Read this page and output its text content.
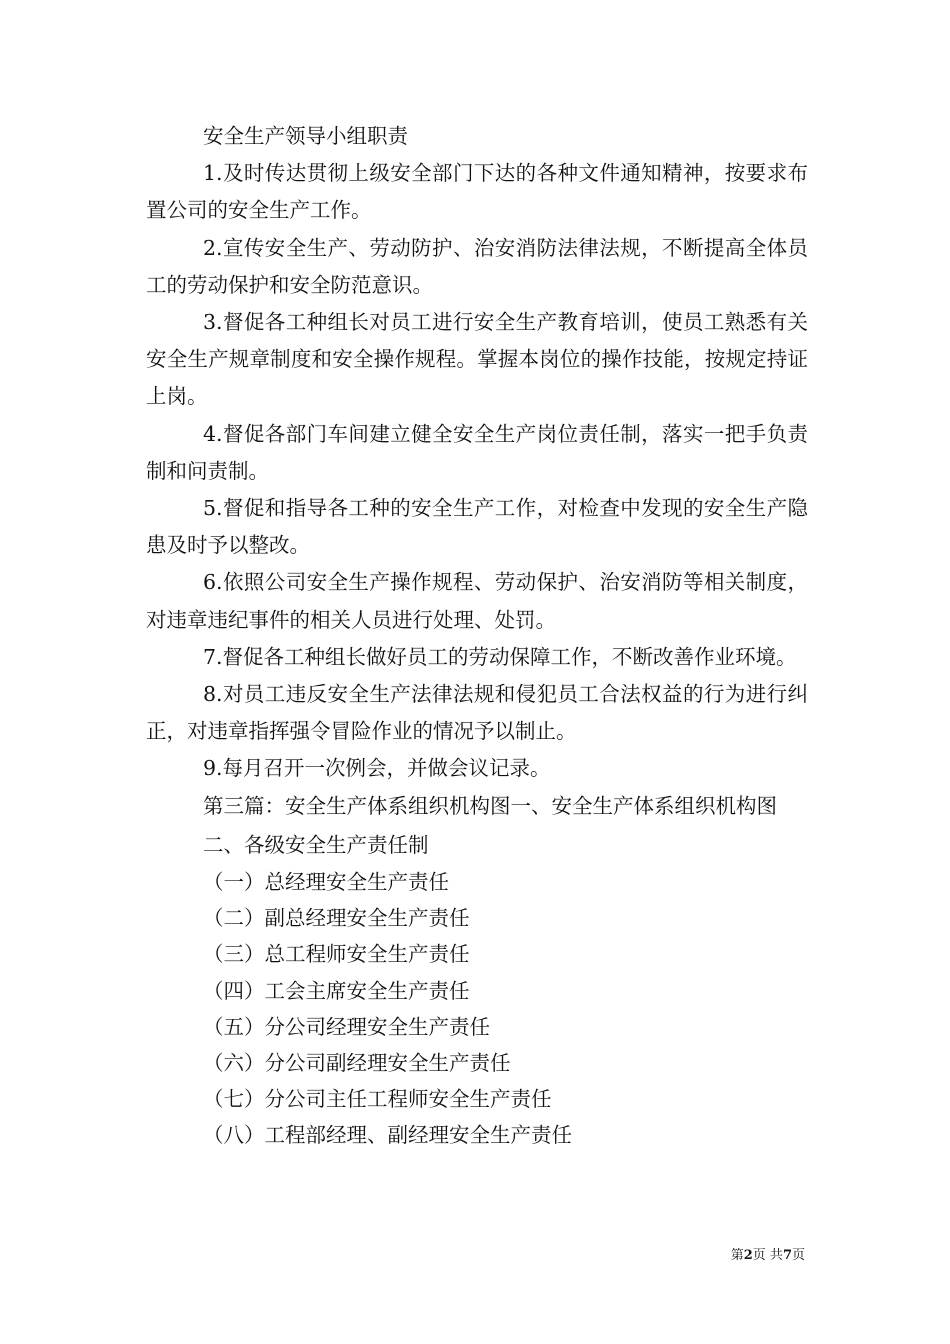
安全生产领导小组职责

1.及时传达贯彻上级安全部门下达的各种文件通知精神，按要求布置公司的安全生产工作。

2.宣传安全生产、劳动防护、治安消防法律法规，不断提高全体员工的劳动保护和安全防范意识。

3.督促各工种组长对员工进行安全生产教育培训，使员工熟悉有关安全生产规章制度和安全操作规程。掌握本岗位的操作技能，按规定持证上岗。

4.督促各部门车间建立健全安全生产岗位责任制，落实一把手负责制和问责制。

5.督促和指导各工种的安全生产工作，对检查中发现的安全生产隐患及时予以整改。

6.依照公司安全生产操作规程、劳动保护、治安消防等相关制度，对违章违纪事件的相关人员进行处理、处罚。

7.督促各工种组长做好员工的劳动保障工作，不断改善作业环境。

8.对员工违反安全生产法律法规和侵犯员工合法权益的行为进行纠正，对违章指挥强令冒险作业的情况予以制止。

9.每月召开一次例会，并做会议记录。

第三篇：安全生产体系组织机构图一、安全生产体系组织机构图

二、各级安全生产责任制

（一）总经理安全生产责任

（二）副总经理安全生产责任

（三）总工程师安全生产责任

（四）工会主席安全生产责任

（五）分公司经理安全生产责任

（六）分公司副经理安全生产责任

（七）分公司主任工程师安全生产责任

（八）工程部经理、副经理安全生产责任

第2页 共7页
